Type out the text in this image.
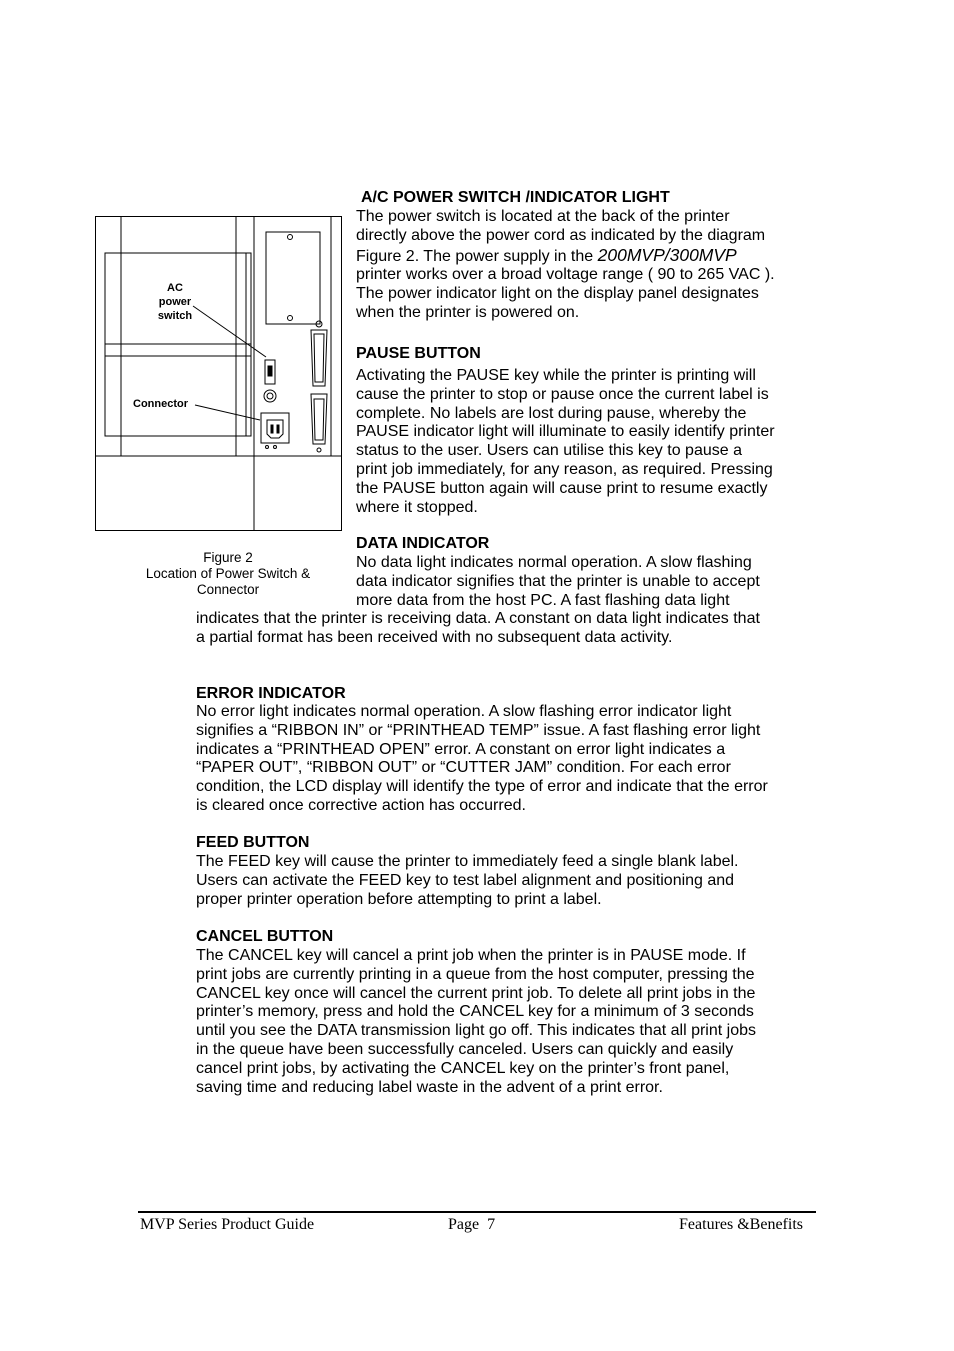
AC
power
switch
Connector
Figure 2
Location of Power Switch &
Connector
A/C POWER SWITCH /INDICATOR LIGHT

The power switch is located at the back of the printer

directly above the power cord as indicated by the diagram

Figure 2. The power supply in the 200MVP/300MVP

printer works over a broad voltage range ( 90 to 265 VAC ).

The power indicator light on the display panel designates

when the printer is powered on.

PAUSE BUTTON

Activating the PAUSE key while the printer is printing will

cause the printer to stop or pause once the current label is

complete. No labels are lost during pause, whereby the

PAUSE indicator light will illuminate to easily identify printer

status to the user. Users can utilise this key to pause a

print job immediately, for any reason, as required. Pressing

the PAUSE button again will cause print to resume exactly

where it stopped.

DATA INDICATOR

No data light indicates normal operation. A slow flashing

data indicator signifies that the printer is unable to accept

more data from the host PC. A fast flashing data light

indicates that the printer is receiving data. A constant on data light indicates that

a partial format has been received with no subsequent data activity.

ERROR INDICATOR

No error light indicates normal operation. A slow flashing error indicator light

signifies a “RIBBON IN” or “PRINTHEAD TEMP” issue. A fast flashing error light

indicates a “PRINTHEAD OPEN” error. A constant on error light indicates a

“PAPER OUT”, “RIBBON OUT” or “CUTTER JAM” condition. For each error

condition, the LCD display will identify the type of error and indicate that the error

is cleared once corrective action has occurred.

FEED BUTTON

The FEED key will cause the printer to immediately feed a single blank label.

Users can activate the FEED key to test label alignment and positioning and

proper printer operation before attempting to print a label.

CANCEL BUTTON

The CANCEL key will cancel a print job when the printer is in PAUSE mode. If

print jobs are currently printing in a queue from the host computer, pressing the

CANCEL key once will cancel the current print job. To delete all print jobs in the

printer’s memory, press and hold the CANCEL key for a minimum of 3 seconds

until you see the DATA transmission light go off. This indicates that all print jobs

in the queue have been successfully canceled. Users can quickly and easily

cancel print jobs, by activating the CANCEL key on the printer’s front panel,

saving time and reducing label waste in the advent of a print error.

MVP Series Product Guide	Page 7	Features &Benefits
